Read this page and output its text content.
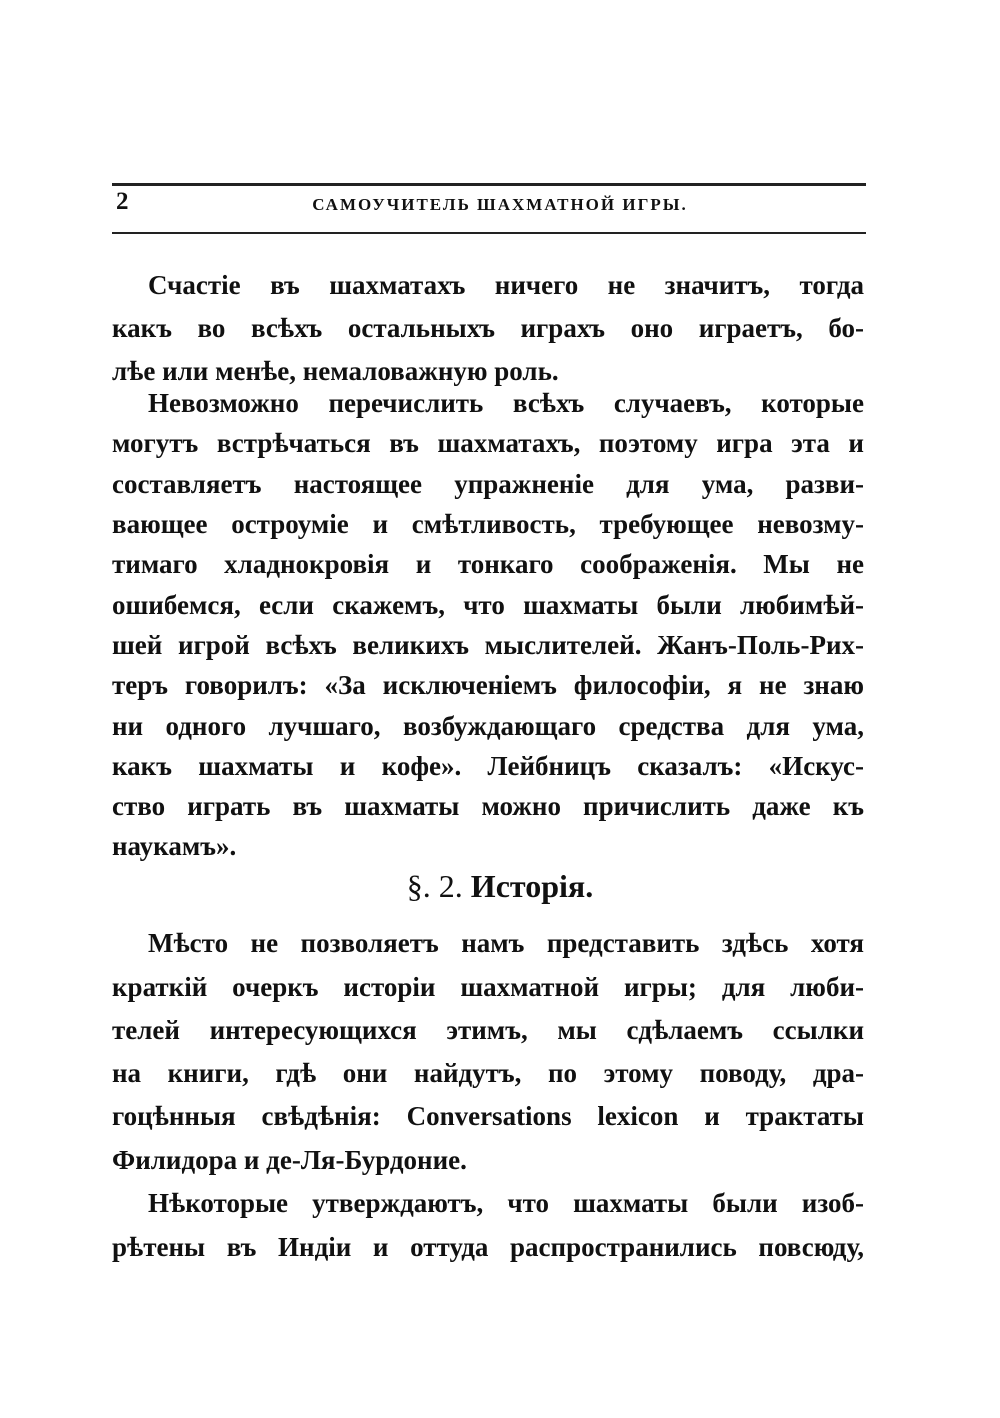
2	САМОУЧИТЕЛЬ ШАХМАТНОЙ ИГРЫ.
Счастіе въ шахматахъ ничего не значитъ, тогда
какъ во всѣхъ остальныхъ играхъ оно играетъ, бо-
лѣе или менѣе, немаловажную роль.
Невозможно перечислить всѣхъ случаевъ, которые
могутъ встрѣчаться въ шахматахъ, поэтому игра эта и
составляетъ настоящее упражненіе для ума, разви-
вающее остроуміе и смѣтливость, требующее невозму-
тимаго хладнокровія и тонкаго соображенія. Мы не
ошибемся, если скажемъ, что шахматы были любимѣй-
шей игрой всѣхъ великихъ мыслителей. Жанъ-Поль-Рих-
теръ говорилъ: «За исключеніемъ философіи, я не знаю
ни одного лучшаго, возбуждающаго средства для ума,
какъ шахматы и кофе». Лейбницъ сказалъ: «Искус-
ство играть въ шахматы можно причислить даже къ
наукамъ».
§. 2. Исторія.
Мѣсто не позволяетъ намъ представить здѣсь хотя
краткій очеркъ исторіи шахматной игры; для люби-
телей интересующихся этимъ, мы сдѣлаемъ ссылки
на книги, гдѣ они найдутъ, по этому поводу, дра-
гоцѣнныя свѣдѣнія: Conversations lexicon и трактаты
Филидора и де-Ля-Бурдоние.
Нѣкоторые утверждаютъ, что шахматы были изоб-
рѣтены въ Индіи и оттуда распространились повсюду,
